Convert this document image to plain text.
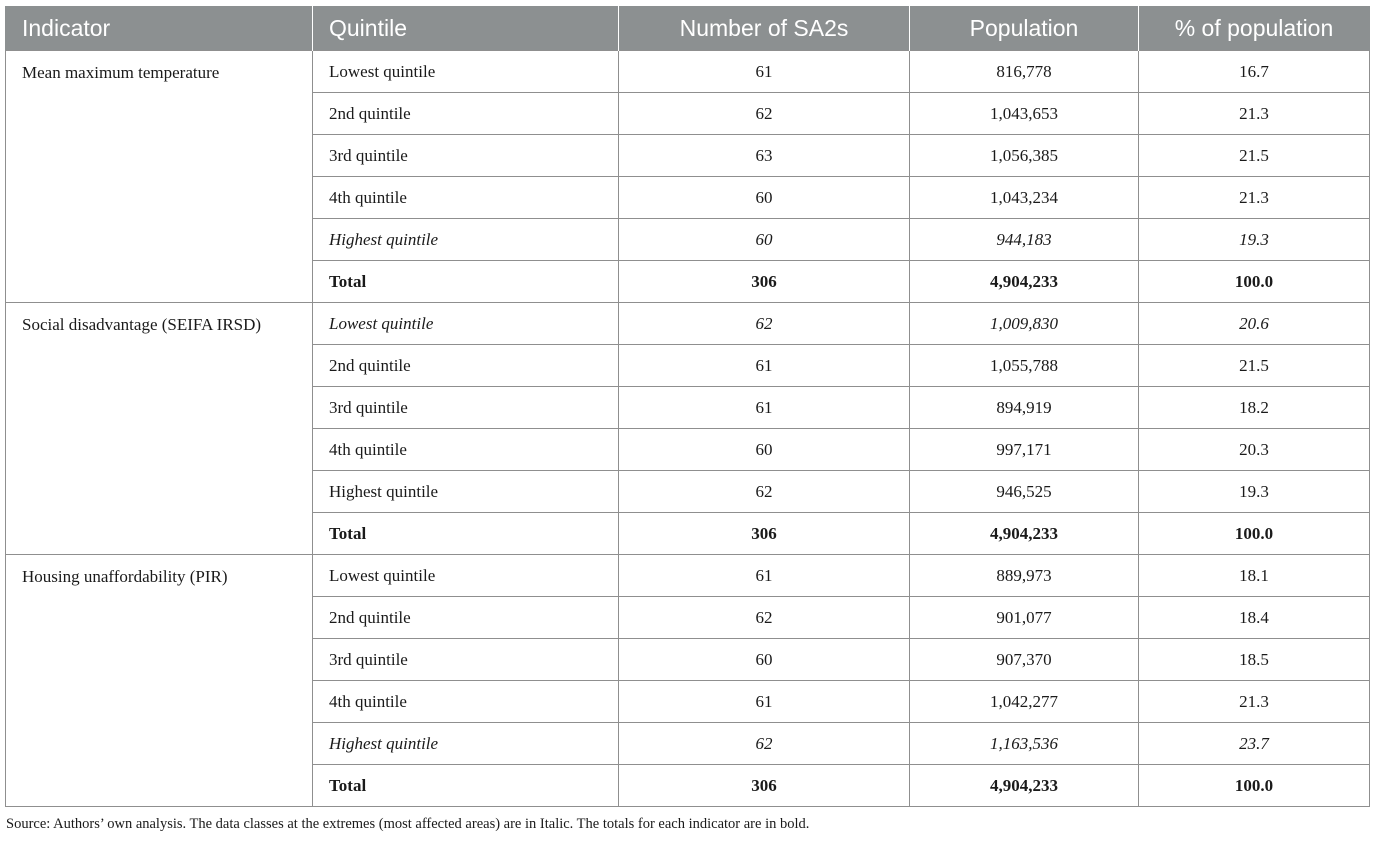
Indicator	Quintile	Number of SA2s	Population	% of population
Mean maximum temperature	Lowest quintile	61	816,778	16.7
	2nd quintile	62	1,043,653	21.3
	3rd quintile	63	1,056,385	21.5
	4th quintile	60	1,043,234	21.3
	Highest quintile	60	944,183	19.3
	Total	306	4,904,233	100.0
Social disadvantage (SEIFA IRSD)	Lowest quintile	62	1,009,830	20.6
	2nd quintile	61	1,055,788	21.5
	3rd quintile	61	894,919	18.2
	4th quintile	60	997,171	20.3
	Highest quintile	62	946,525	19.3
	Total	306	4,904,233	100.0
Housing unaffordability (PIR)	Lowest quintile	61	889,973	18.1
	2nd quintile	62	901,077	18.4
	3rd quintile	60	907,370	18.5
	4th quintile	61	1,042,277	21.3
	Highest quintile	62	1,163,536	23.7
	Total	306	4,904,233	100.0
Source: Authors’ own analysis. The data classes at the extremes (most affected areas) are in Italic. The totals for each indicator are in bold.
